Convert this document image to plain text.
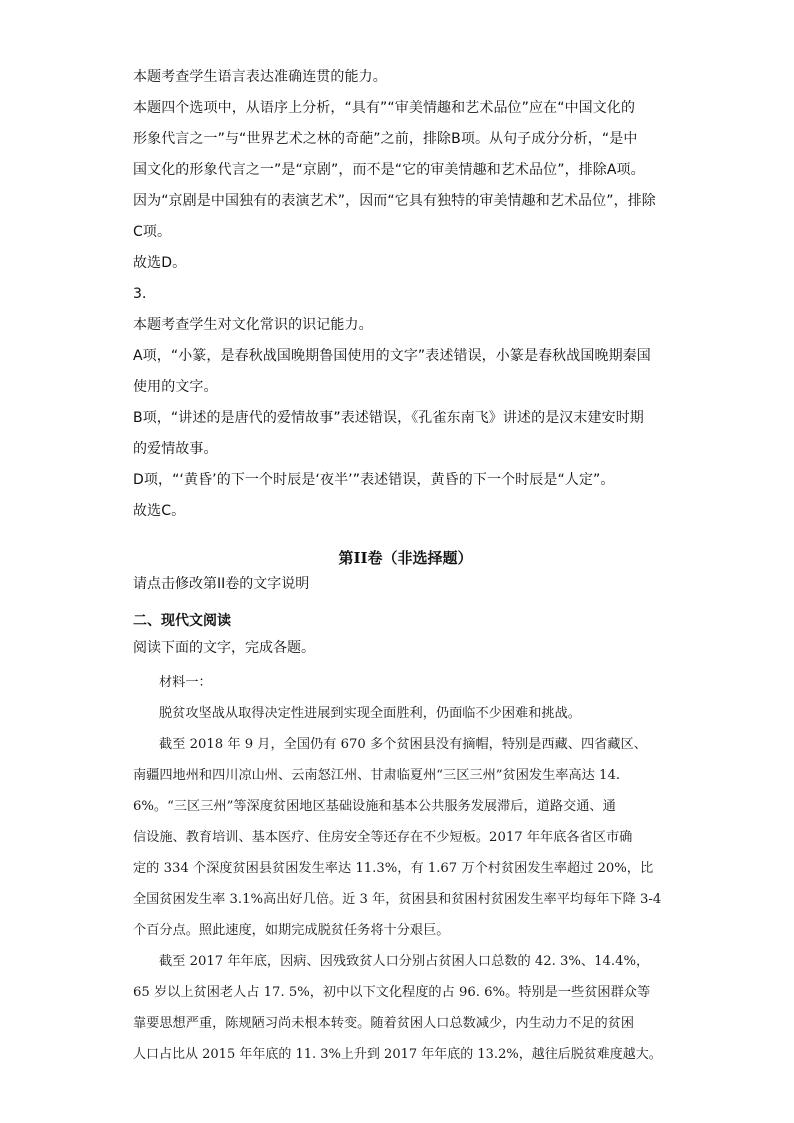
本题考查学生语言表达准确连贯的能力。

本题四个选项中，从语序上分析，“具有”“审美情趣和艺术品位”应在“中国文化的

形象代言之一”与“世界艺术之林的奇葩”之前，排除B项。从句子成分分析，“是中

国文化的形象代言之一”是“京剧”，而不是“它的审美情趣和艺术品位”，排除A项。

因为“京剧是中国独有的表演艺术”，因而“它具有独特的审美情趣和艺术品位”，排除

C项。

故选D。

3．

本题考查学生对文化常识的识记能力。

A项，“小篆，是春秋战国晚期鲁国使用的文字”表述错误，小篆是春秋战国晚期秦国

使用的文字。

B项，“讲述的是唐代的爱情故事”表述错误，《孔雀东南飞》讲述的是汉末建安时期

的爱情故事。

D项，“‘黄昏’的下一个时辰是‘夜半’”表述错误，黄昏的下一个时辰是“人定”。

故选C。

第II卷（非选择题）

请点击修改第II卷的文字说明

二、现代文阅读

阅读下面的文字，完成各题。

材料一：

脱贫攻坚战从取得决定性进展到实现全面胜利，仍面临不少困难和挑战。

截至 2018 年 9 月，全国仍有 670 多个贫困县没有摘帽，特别是西藏、四省藏区、

南疆四地州和四川凉山州、云南怒江州、甘肃临夏州“三区三州”贫困发生率高达 14.

6%。“三区三州”等深度贫困地区基础设施和基本公共服务发展滞后，道路交通、通

信设施、教育培训、基本医疗、住房安全等还存在不少短板。2017 年年底各省区市确

定的 334 个深度贫困县贫困发生率达 11.3%，有 1.67 万个村贫困发生率超过 20%，比

全国贫困发生率 3.1%高出好几倍。近 3 年，贫困县和贫困村贫困发生率平均每年下降 3-4

个百分点。照此速度，如期完成脱贫任务将十分艰巨。

截至 2017 年年底，因病、因残致贫人口分别占贫困人口总数的 42. 3%、14.4%，

65 岁以上贫困老人占 17. 5%，初中以下文化程度的占 96. 6%。特别是一些贫困群众等

靠要思想严重，陈规陋习尚未根本转变。随着贫困人口总数减少，内生动力不足的贫困

人口占比从 2015 年年底的 11. 3%上升到 2017 年年底的 13.2%，越往后脱贫难度越大。
